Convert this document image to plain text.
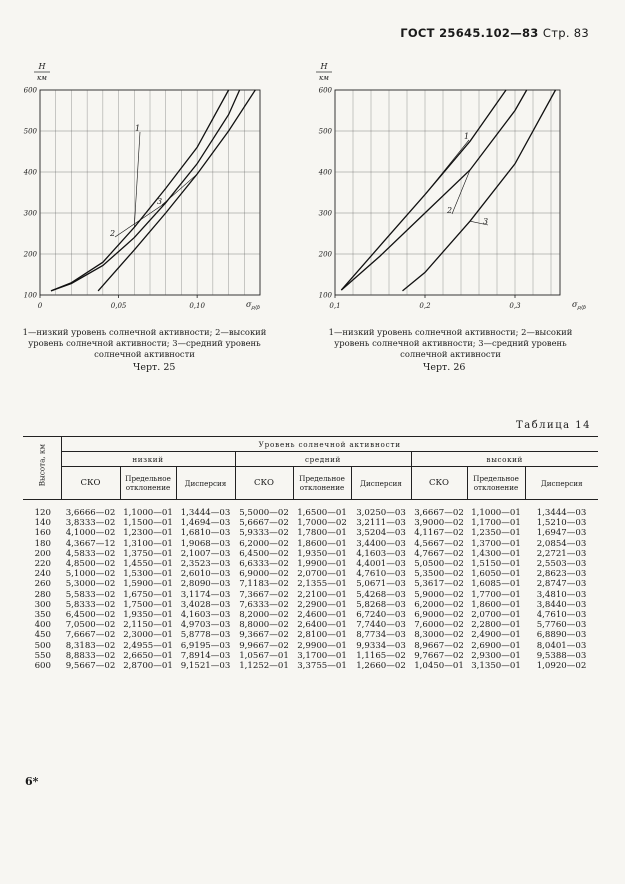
ГОСТ 25645.102—83 Стр. 83
H
км
100
200
300
400
500
600
0	0,05	0,10
1
2
3
$\sigma_{\rho/\rhō}$
H
км
100
200
300
400
500
600
0,1	0,2	0,3
1
2
3
$\sigma_{\rho/\rhō}$
1—низкий уровень солнечной активности; 2—высокий
уровень солнечной активности; 3—средний уровень
солнечной активности
1—низкий уровень солнечной активности; 2—высокий
уровень солнечной активности; 3—средний уровень
солнечной активности
Черт. 25	Черт. 26
Таблица 14
Высота, км	Уровень солнечной активности								
	низкий			средний			высокий		
	СКО	Предельное отклонение	Дисперсия	СКО	Предельное отклонение	Дисперсия	СКО	Предельное отклонение	Дисперсия
120	3,6666—02	1,1000—01	1,3444—03	5,5000—02	1,6500—01	3,0250—03	3,6667—02	1,1000—01	1,3444—03
140	3,8333—02	1,1500—01	1,4694—03	5,6667—02	1,7000—02	3,2111—03	3,9000—02	1,1700—01	1,5210—03
160	4,1000—02	1,2300—01	1,6810—03	5,9333—02	1,7800—01	3,5204—03	4,1167—02	1,2350—01	1,6947—03
180	4,3667—12	1,3100—01	1,9068—03	6,2000—02	1,8600—01	3,4400—03	4,5667—02	1,3700—01	2,0854—03
200	4,5833—02	1,3750—01	2,1007—03	6,4500—02	1,9350—01	4,1603—03	4,7667—02	1,4300—01	2,2721—03
220	4,8500—02	1,4550—01	2,3523—03	6,6333—02	1,9900—01	4,4001—03	5,0500—02	1,5150—01	2,5503—03
240	5,1000—02	1,5300—01	2,6010—03	6,9000—02	2,0700—01	4,7610—03	5,3500—02	1,6050—01	2,8623—03
260	5,3000—02	1,5900—01	2,8090—03	7,1183—02	2,1355—01	5,0671—03	5,3617—02	1,6085—01	2,8747—03
280	5,5833—02	1,6750—01	3,1174—03	7,3667—02	2,2100—01	5,4268—03	5,9000—02	1,7700—01	3,4810—03
300	5,8333—02	1,7500—01	3,4028—03	7,6333—02	2,2900—01	5,8268—03	6,2000—02	1,8600—01	3,8440—03
350	6,4500—02	1,9350—01	4,1603—03	8,2000—02	2,4600—01	6,7240—03	6,9000—02	2,0700—01	4,7610—03
400	7,0500—02	2,1150—01	4,9703—03	8,8000—02	2,6400—01	7,7440—03	7,6000—02	2,2800—01	5,7760—03
450	7,6667—02	2,3000—01	5,8778—03	9,3667—02	2,8100—01	8,7734—03	8,3000—02	2,4900—01	6,8890—03
500	8,3183—02	2,4955—01	6,9195—03	9,9667—02	2,9900—01	9,9334—03	8,9667—02	2,6900—01	8,0401—03
550	8,8833—02	2,6650—01	7,8914—03	1,0567—01	3,1700—01	1,1165—02	9,7667—02	2,9300—01	9,5388—03
600	9,5667—02	2,8700—01	9,1521—03	1,1252—01	3,3755—01	1,2660—02	1,0450—01	3,1350—01	1,0920—02
6*
